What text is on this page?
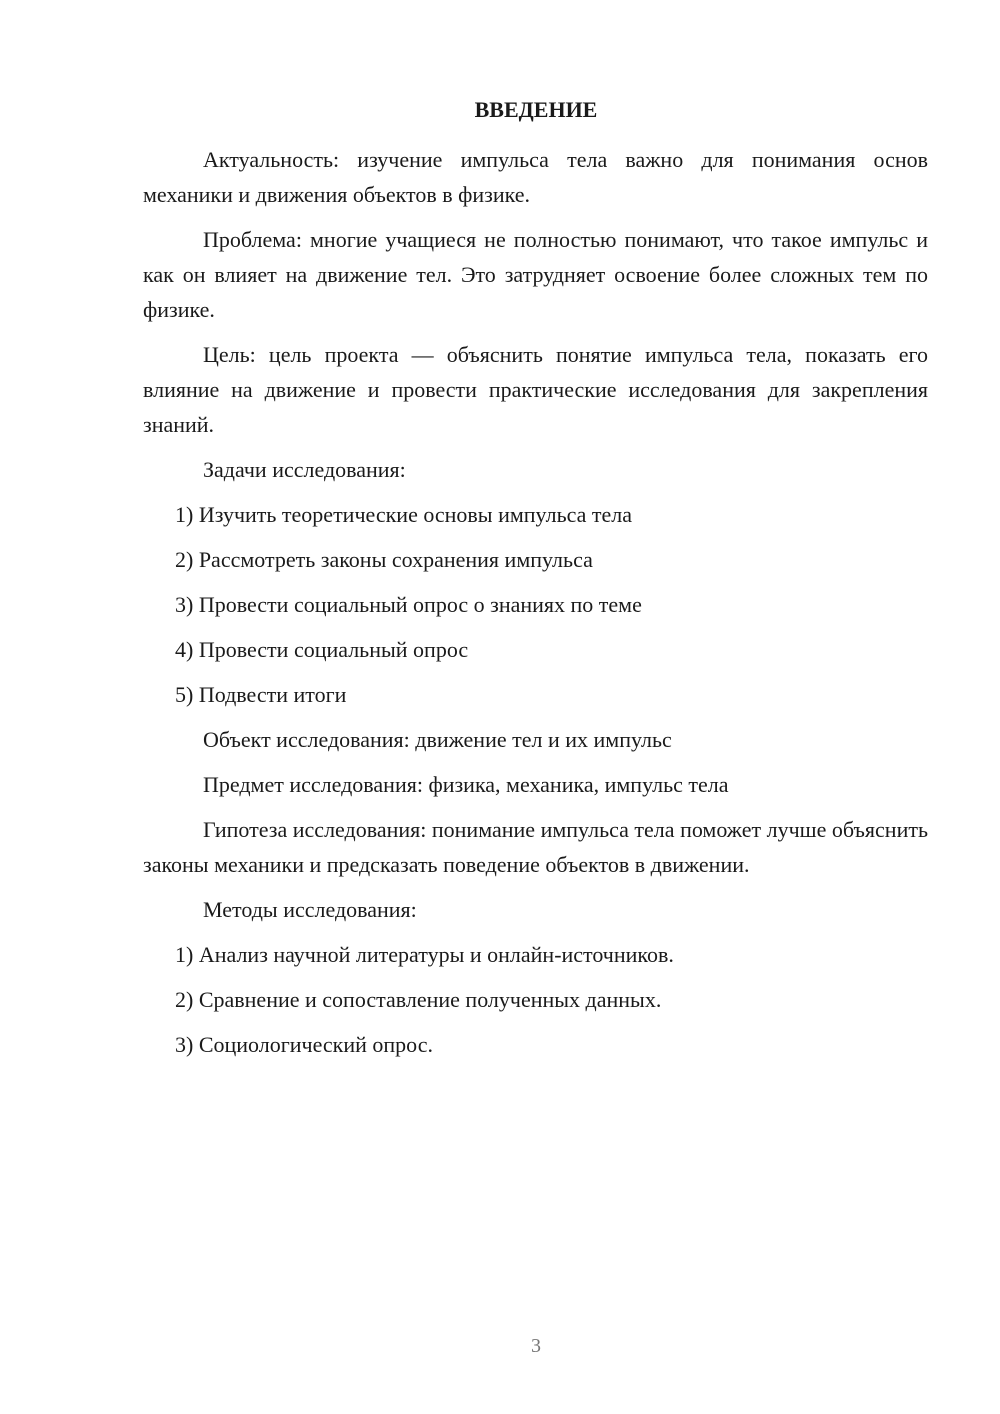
ВВЕДЕНИЕ

Актуальность: изучение импульса тела важно для понимания основ механики и движения объектов в физике.

Проблема: многие учащиеся не полностью понимают, что такое импульс и как он влияет на движение тел. Это затрудняет освоение более сложных тем по физике.

Цель: цель проекта — объяснить понятие импульса тела, показать его влияние на движение и провести практические исследования для закрепления знаний.

Задачи исследования:

1) Изучить теоретические основы импульса тела

2) Рассмотреть законы сохранения импульса

3) Провести социальный опрос о знаниях по теме

4) Провести социальный опрос

5) Подвести итоги

Объект исследования: движение тел и их импульс

Предмет исследования: физика, механика, импульс тела

Гипотеза исследования: понимание импульса тела поможет лучше объяснить законы механики и предсказать поведение объектов в движении.

Методы исследования:

1) Анализ научной литературы и онлайн-источников.

2) Сравнение и сопоставление полученных данных.

3) Социологический опрос.

3
